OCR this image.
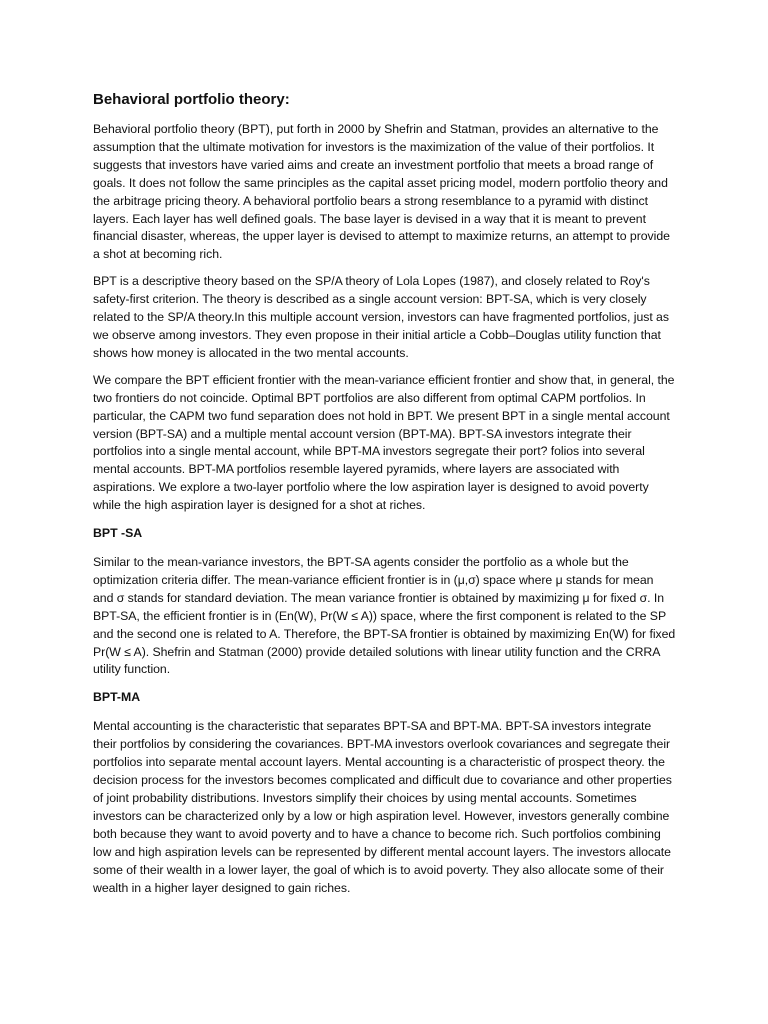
Behavioral portfolio theory:

Behavioral portfolio theory (BPT), put forth in 2000 by Shefrin and Statman, provides an alternative to the assumption that the ultimate motivation for investors is the maximization of the value of their portfolios. It suggests that investors have varied aims and create an investment portfolio that meets a broad range of goals. It does not follow the same principles as the capital asset pricing model, modern portfolio theory and the arbitrage pricing theory. A behavioral portfolio bears a strong resemblance to a pyramid with distinct layers. Each layer has well defined goals. The base layer is devised in a way that it is meant to prevent financial disaster, whereas, the upper layer is devised to attempt to maximize returns, an attempt to provide a shot at becoming rich.

BPT is a descriptive theory based on the SP/A theory of Lola Lopes (1987), and closely related to Roy's safety-first criterion. The theory is described as a single account version: BPT-SA, which is very closely related to the SP/A theory.In this multiple account version, investors can have fragmented portfolios, just as we observe among investors. They even propose in their initial article a Cobb–Douglas utility function that shows how money is allocated in the two mental accounts.

We compare the BPT efficient frontier with the mean-variance efficient frontier and show that, in general, the two frontiers do not coincide. Optimal BPT portfolios are also different from optimal CAPM portfolios. In particular, the CAPM two fund separation does not hold in BPT. We present BPT in a single mental account version (BPT-SA) and a multiple mental account version (BPT-MA). BPT-SA investors integrate their portfolios into a single mental account, while BPT-MA investors segregate their port? folios into several mental accounts. BPT-MA portfolios resemble layered pyramids, where layers are associated with aspirations. We explore a two-layer portfolio where the low aspiration layer is designed to avoid poverty while the high aspiration layer is designed for a shot at riches.

BPT -SA

Similar to the mean-variance investors, the BPT-SA agents consider the portfolio as a whole but the optimization criteria differ. The mean-variance efficient frontier is in (μ,σ) space where μ stands for mean and σ stands for standard deviation. The mean variance frontier is obtained by maximizing μ for fixed σ. In BPT-SA, the efficient frontier is in (En(W), Pr(W ≤ A)) space, where the first component is related to the SP and the second one is related to A. Therefore, the BPT-SA frontier is obtained by maximizing En(W) for fixed Pr(W ≤ A). Shefrin and Statman (2000) provide detailed solutions with linear utility function and the CRRA utility function.

BPT-MA

Mental accounting is the characteristic that separates BPT-SA and BPT-MA. BPT-SA investors integrate their portfolios by considering the covariances. BPT-MA investors overlook covariances and segregate their portfolios into separate mental account layers. Mental accounting is a characteristic of prospect theory. the decision process for the investors becomes complicated and difficult due to covariance and other properties of joint probability distributions. Investors simplify their choices by using mental accounts. Sometimes investors can be characterized only by a low or high aspiration level. However, investors generally combine both because they want to avoid poverty and to have a chance to become rich. Such portfolios combining low and high aspiration levels can be represented by different mental account layers. The investors allocate some of their wealth in a lower layer, the goal of which is to avoid poverty. They also allocate some of their wealth in a higher layer designed to gain riches.
